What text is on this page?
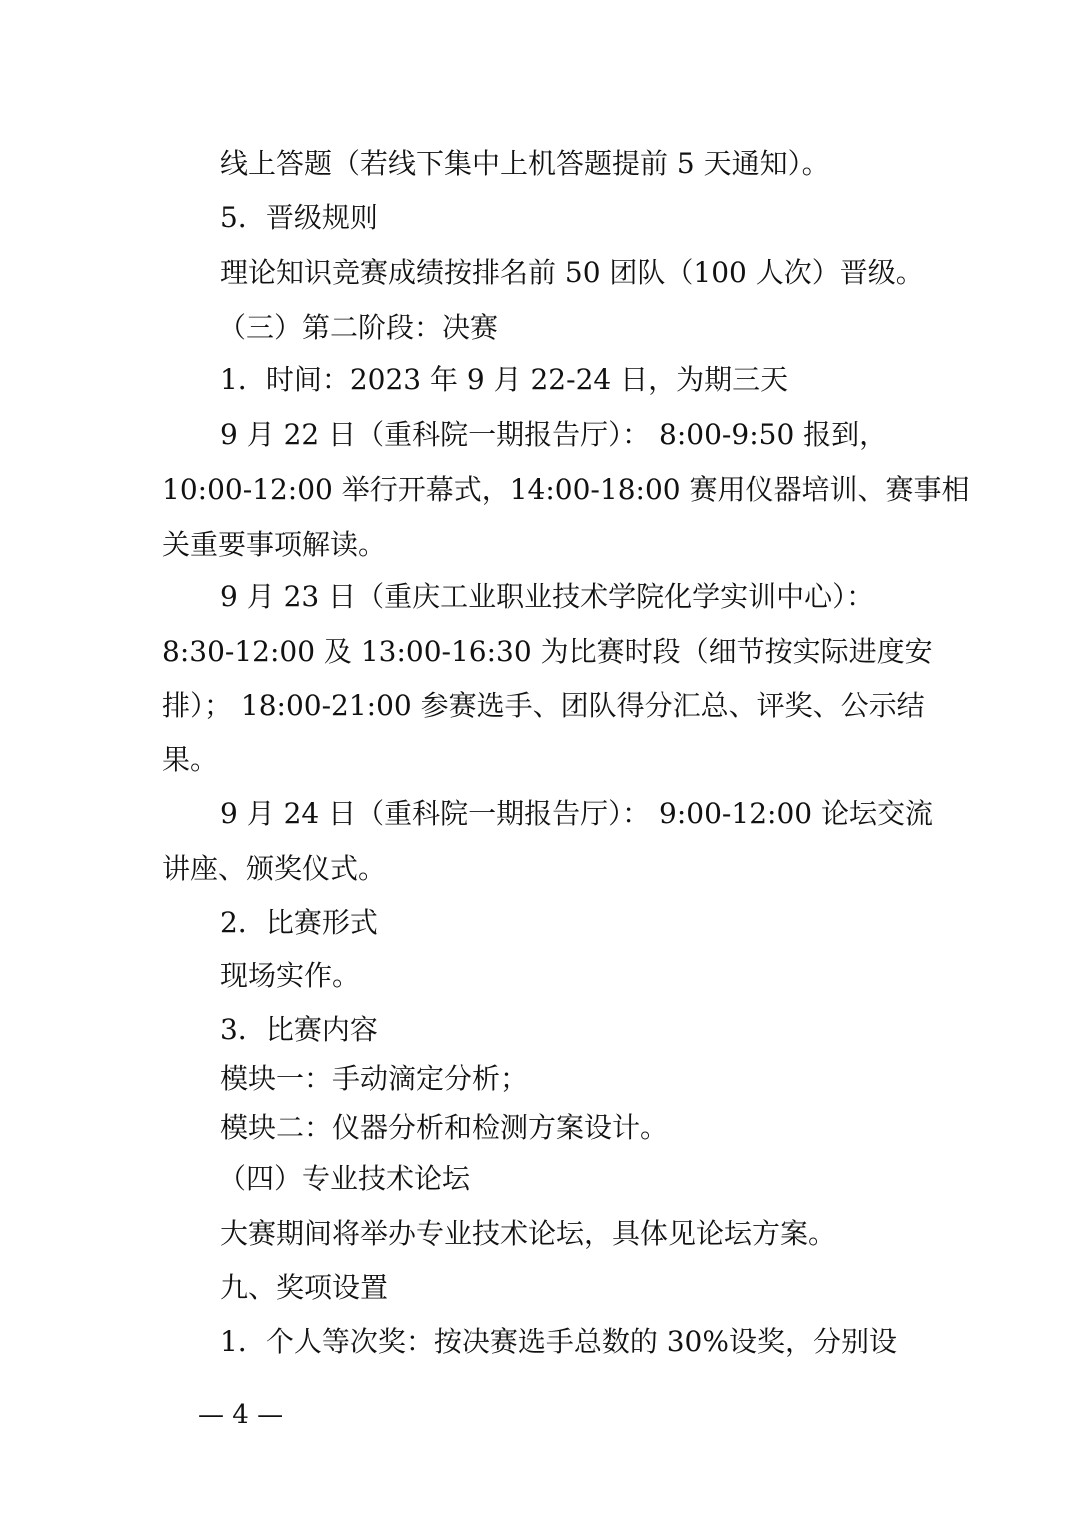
线上答题（若线下集中上机答题提前 5 天通知）。
5．晋级规则
理论知识竞赛成绩按排名前 50 团队（100 人次）晋级。
（三）第二阶段：决赛
1．时间：2023 年 9 月 22-24 日，为期三天
9 月 22 日（重科院一期报告厅）： 8:00-9:50 报到，
10:00-12:00 举行开幕式，14:00-18:00 赛用仪器培训、赛事相
关重要事项解读。
9 月 23 日（重庆工业职业技术学院化学实训中心）：
8:30-12:00 及 13:00-16:30 为比赛时段（细节按实际进度安
排）； 18:00-21:00 参赛选手、团队得分汇总、评奖、公示结
果。
9 月 24 日（重科院一期报告厅）： 9:00-12:00 论坛交流
讲座、颁奖仪式。
2．比赛形式
现场实作。
3．比赛内容
模块一：手动滴定分析；
模块二：仪器分析和检测方案设计。
（四）专业技术论坛
大赛期间将举办专业技术论坛，具体见论坛方案。
九、奖项设置
1．个人等次奖：按决赛选手总数的 30%设奖，分别设
— 4 —
